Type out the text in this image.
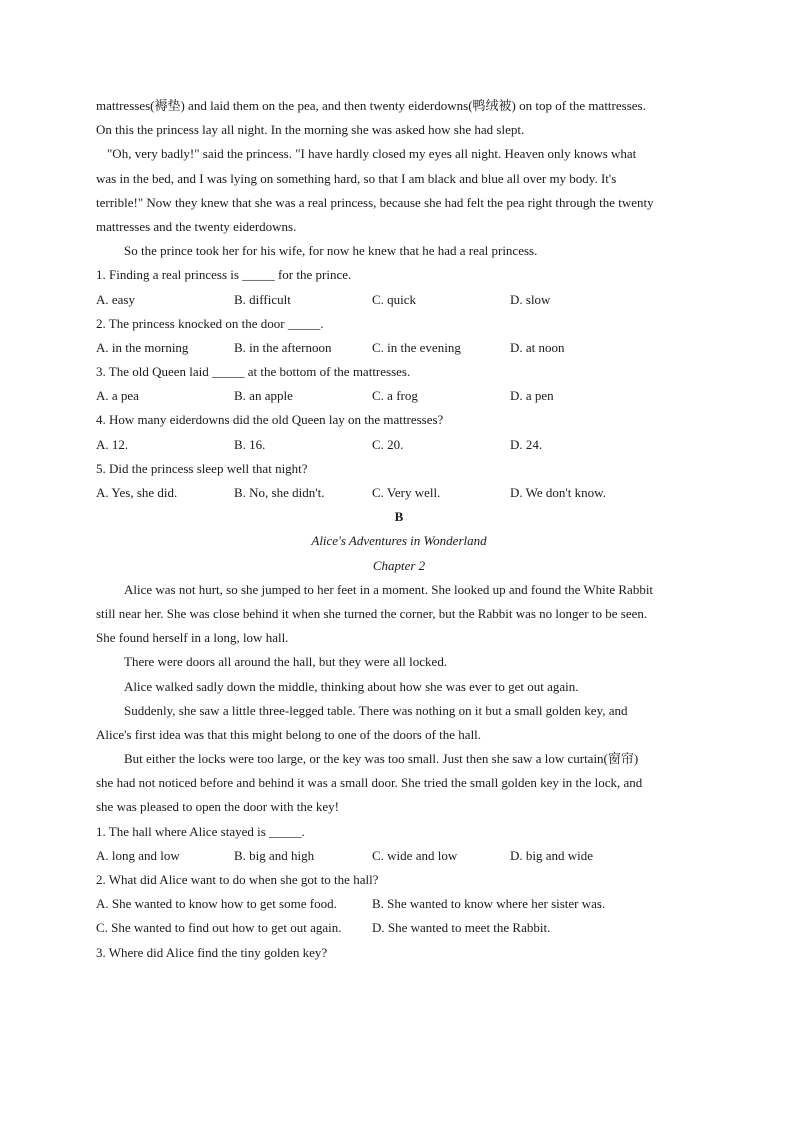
mattresses(褥垫) and laid them on the pea, and then twenty eiderdowns(鸭绒被) on top of the mattresses.
On this the princess lay all night. In the morning she was asked how she had slept.
"Oh, very badly!" said the princess. "I have hardly closed my eyes all night. Heaven only knows what
was in the bed, and I was lying on something hard, so that I am black and blue all over my body. It's
terrible!" Now they knew that she was a real princess, because she had felt the pea right through the twenty
mattresses and the twenty eiderdowns.
So the prince took her for his wife, for now he knew that he had a real princess.
1. Finding a real princess is _____ for the prince.
A. easy	B. difficult	C. quick	D. slow
2. The princess knocked on the door _____.
A. in the morning	B. in the afternoon	C. in the evening	D. at noon
3. The old Queen laid _____ at the bottom of the mattresses.
A. a pea	B. an apple	C. a frog	D. a pen
4. How many eiderdowns did the old Queen lay on the mattresses?
A. 12.	B. 16.	C. 20.	D. 24.
5. Did the princess sleep well that night?
A. Yes, she did.	B. No, she didn't.	C. Very well.	D. We don't know.
B
Alice's Adventures in Wonderland
Chapter 2
Alice was not hurt, so she jumped to her feet in a moment. She looked up and found the White Rabbit
still near her. She was close behind it when she turned the corner, but the Rabbit was no longer to be seen.
She found herself in a long, low hall.
There were doors all around the hall, but they were all locked.
Alice walked sadly down the middle, thinking about how she was ever to get out again.
Suddenly, she saw a little three-legged table. There was nothing on it but a small golden key, and
Alice's first idea was that this might belong to one of the doors of the hall.
But either the locks were too large, or the key was too small. Just then she saw a low curtain(窗帘)
she had not noticed before and behind it was a small door. She tried the small golden key in the lock, and
she was pleased to open the door with the key!
1. The hall where Alice stayed is _____.
A. long and low	B. big and high	C. wide and low	D. big and wide
2. What did Alice want to do when she got to the hall?
A. She wanted to know how to get some food.	B. She wanted to know where her sister was.
C. She wanted to find out how to get out again.	D. She wanted to meet the Rabbit.
3. Where did Alice find the tiny golden key?
